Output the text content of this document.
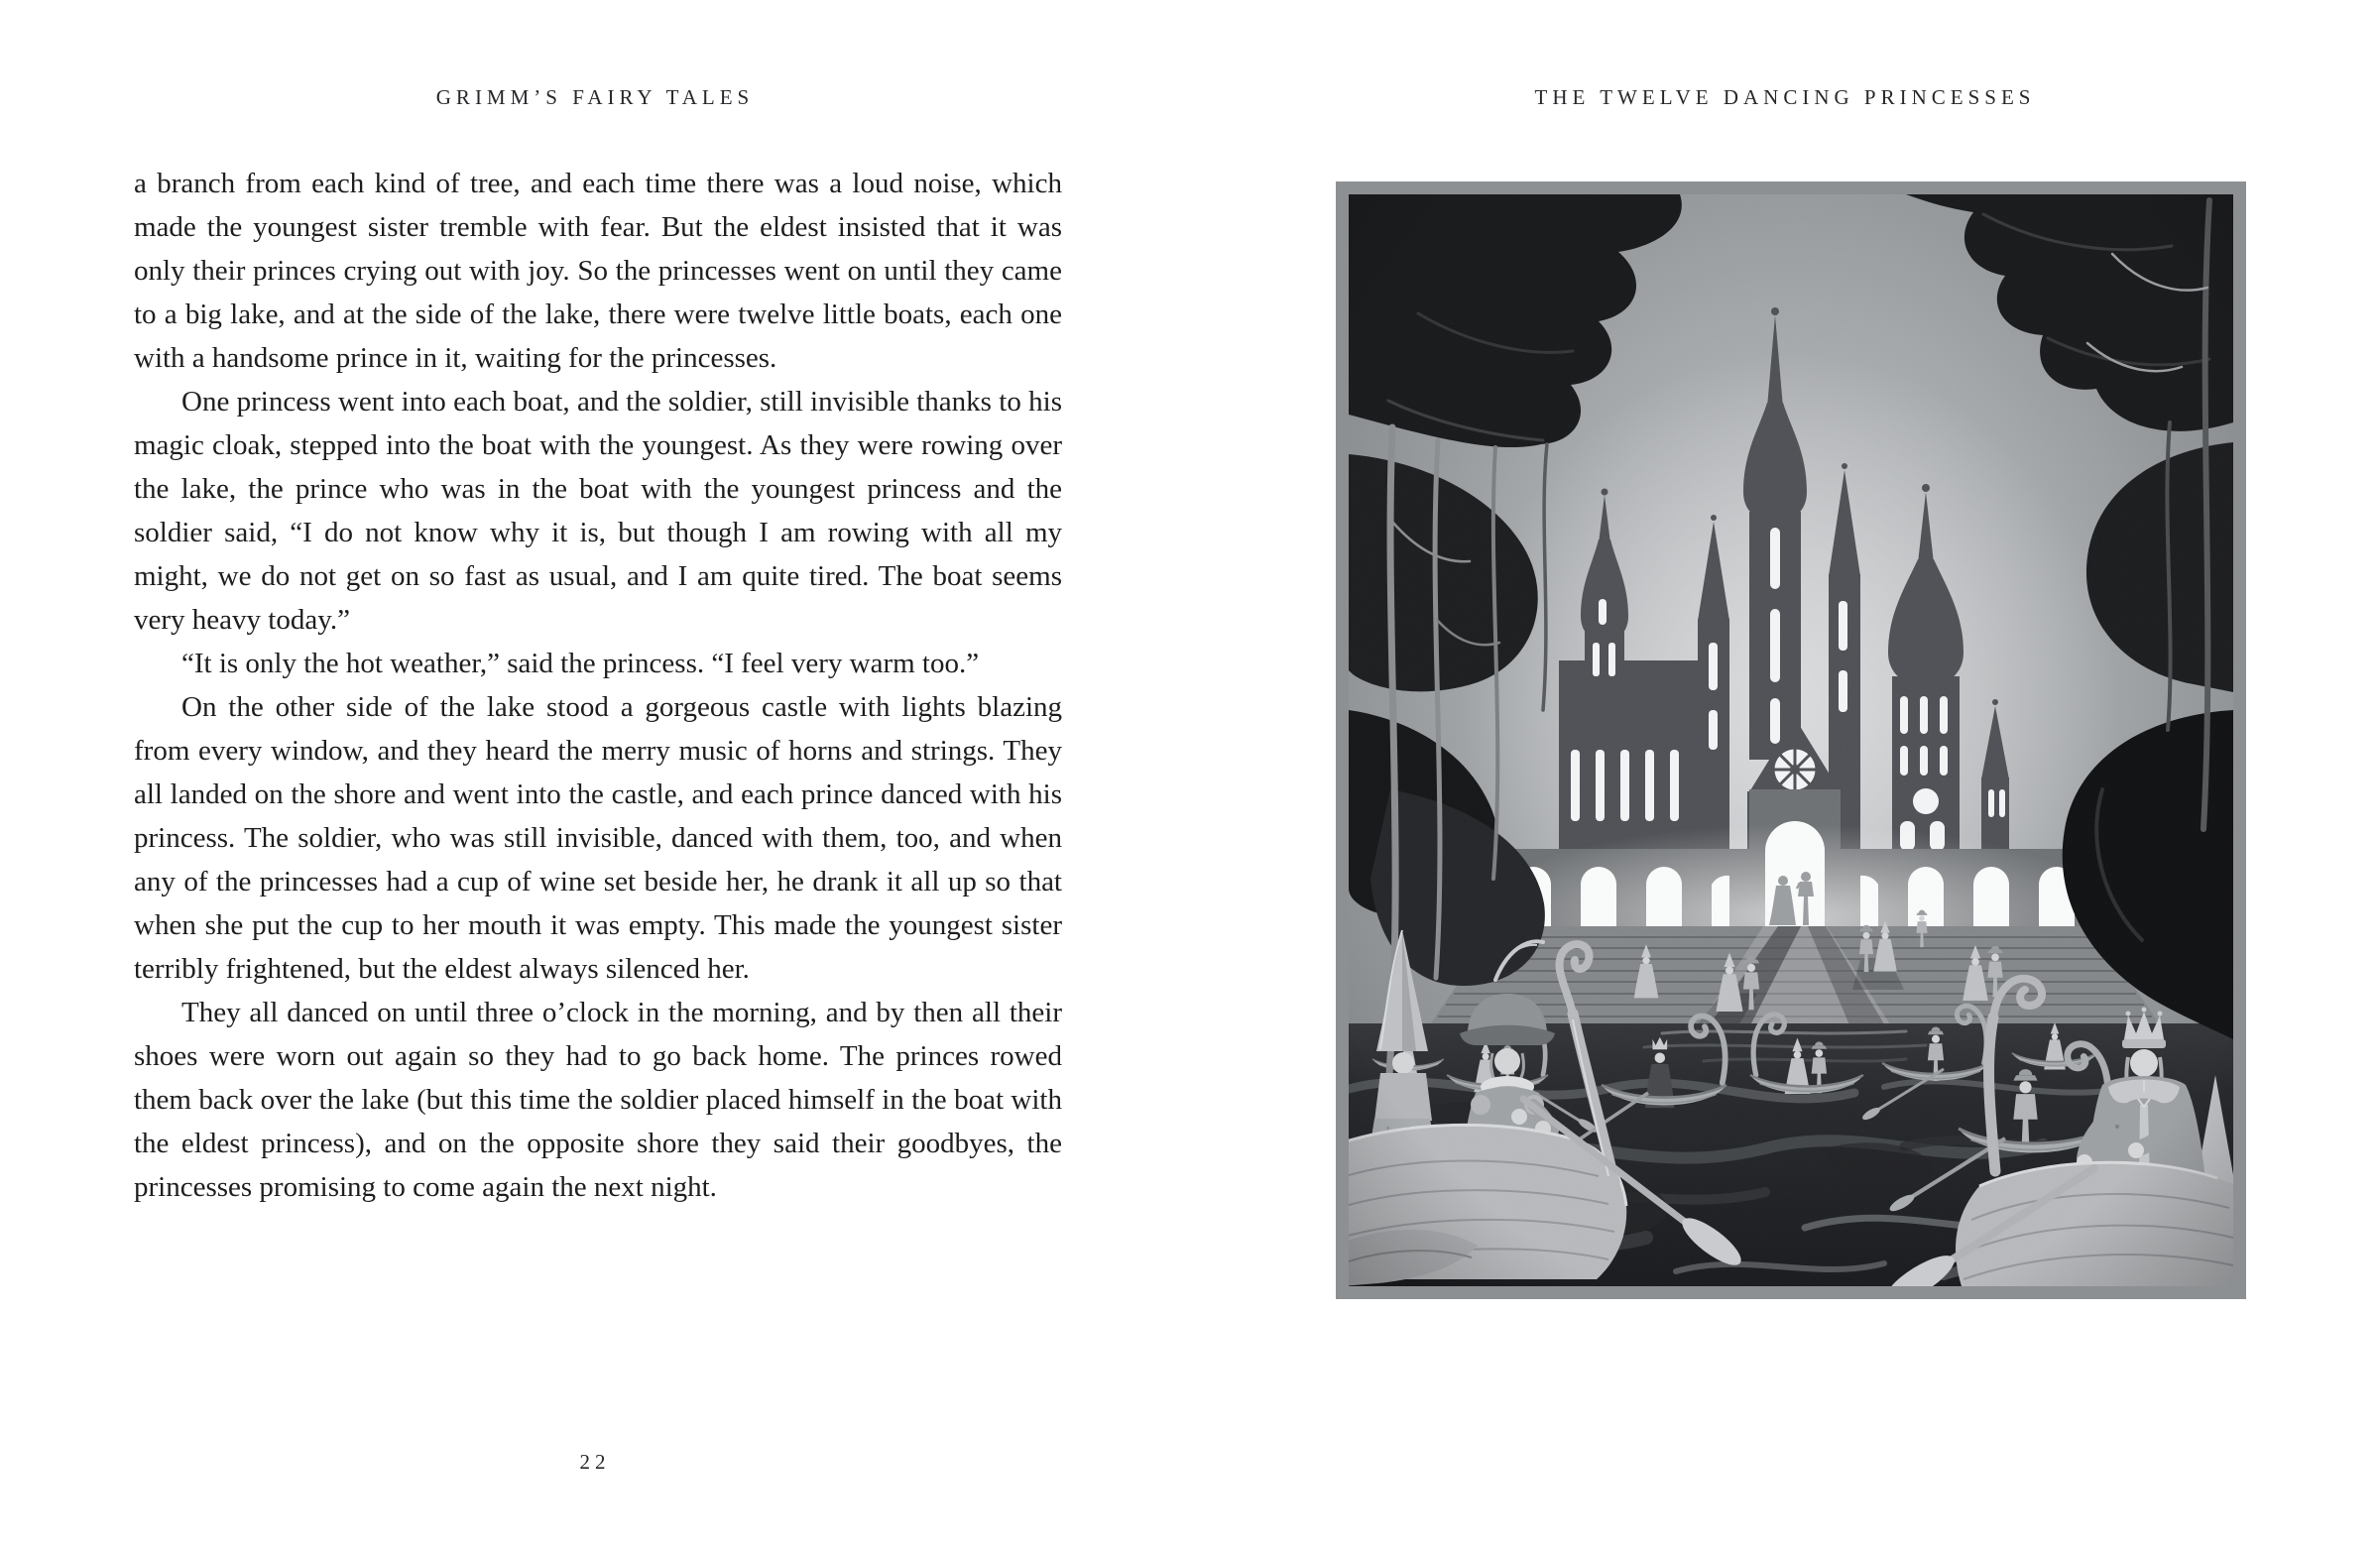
GRIMM’S FAIRY TALES

a branch from each kind of tree, and each time there was a loud noise, which made the youngest sister tremble with fear. But the eldest insisted that it was only their princes crying out with joy. So the princesses went on until they came to a big lake, and at the side of the lake, there were twelve little boats, each one with a handsome prince in it, waiting for the princesses.

One princess went into each boat, and the soldier, still invisible thanks to his magic cloak, stepped into the boat with the youngest. As they were rowing over the lake, the prince who was in the boat with the youngest princess and the soldier said, “I do not know why it is, but though I am rowing with all my might, we do not get on so fast as usual, and I am quite tired. The boat seems very heavy today.”

“It is only the hot weather,” said the princess. “I feel very warm too.”

On the other side of the lake stood a gorgeous castle with lights blazing from every window, and they heard the merry music of horns and strings. They all landed on the shore and went into the castle, and each prince danced with his princess. The soldier, who was still invisible, danced with them, too, and when any of the princesses had a cup of wine set beside her, he drank it all up so that when she put the cup to her mouth it was empty. This made the youngest sister terribly frightened, but the eldest always silenced her.

They all danced on until three o’clock in the morning, and by then all their shoes were worn out again so they had to go back home. The princes rowed them back over the lake (but this time the soldier placed himself in the boat with the eldest princess), and on the opposite shore they said their goodbyes, the princesses promising to come again the next night.

22
THE TWELVE DANCING PRINCESSES
